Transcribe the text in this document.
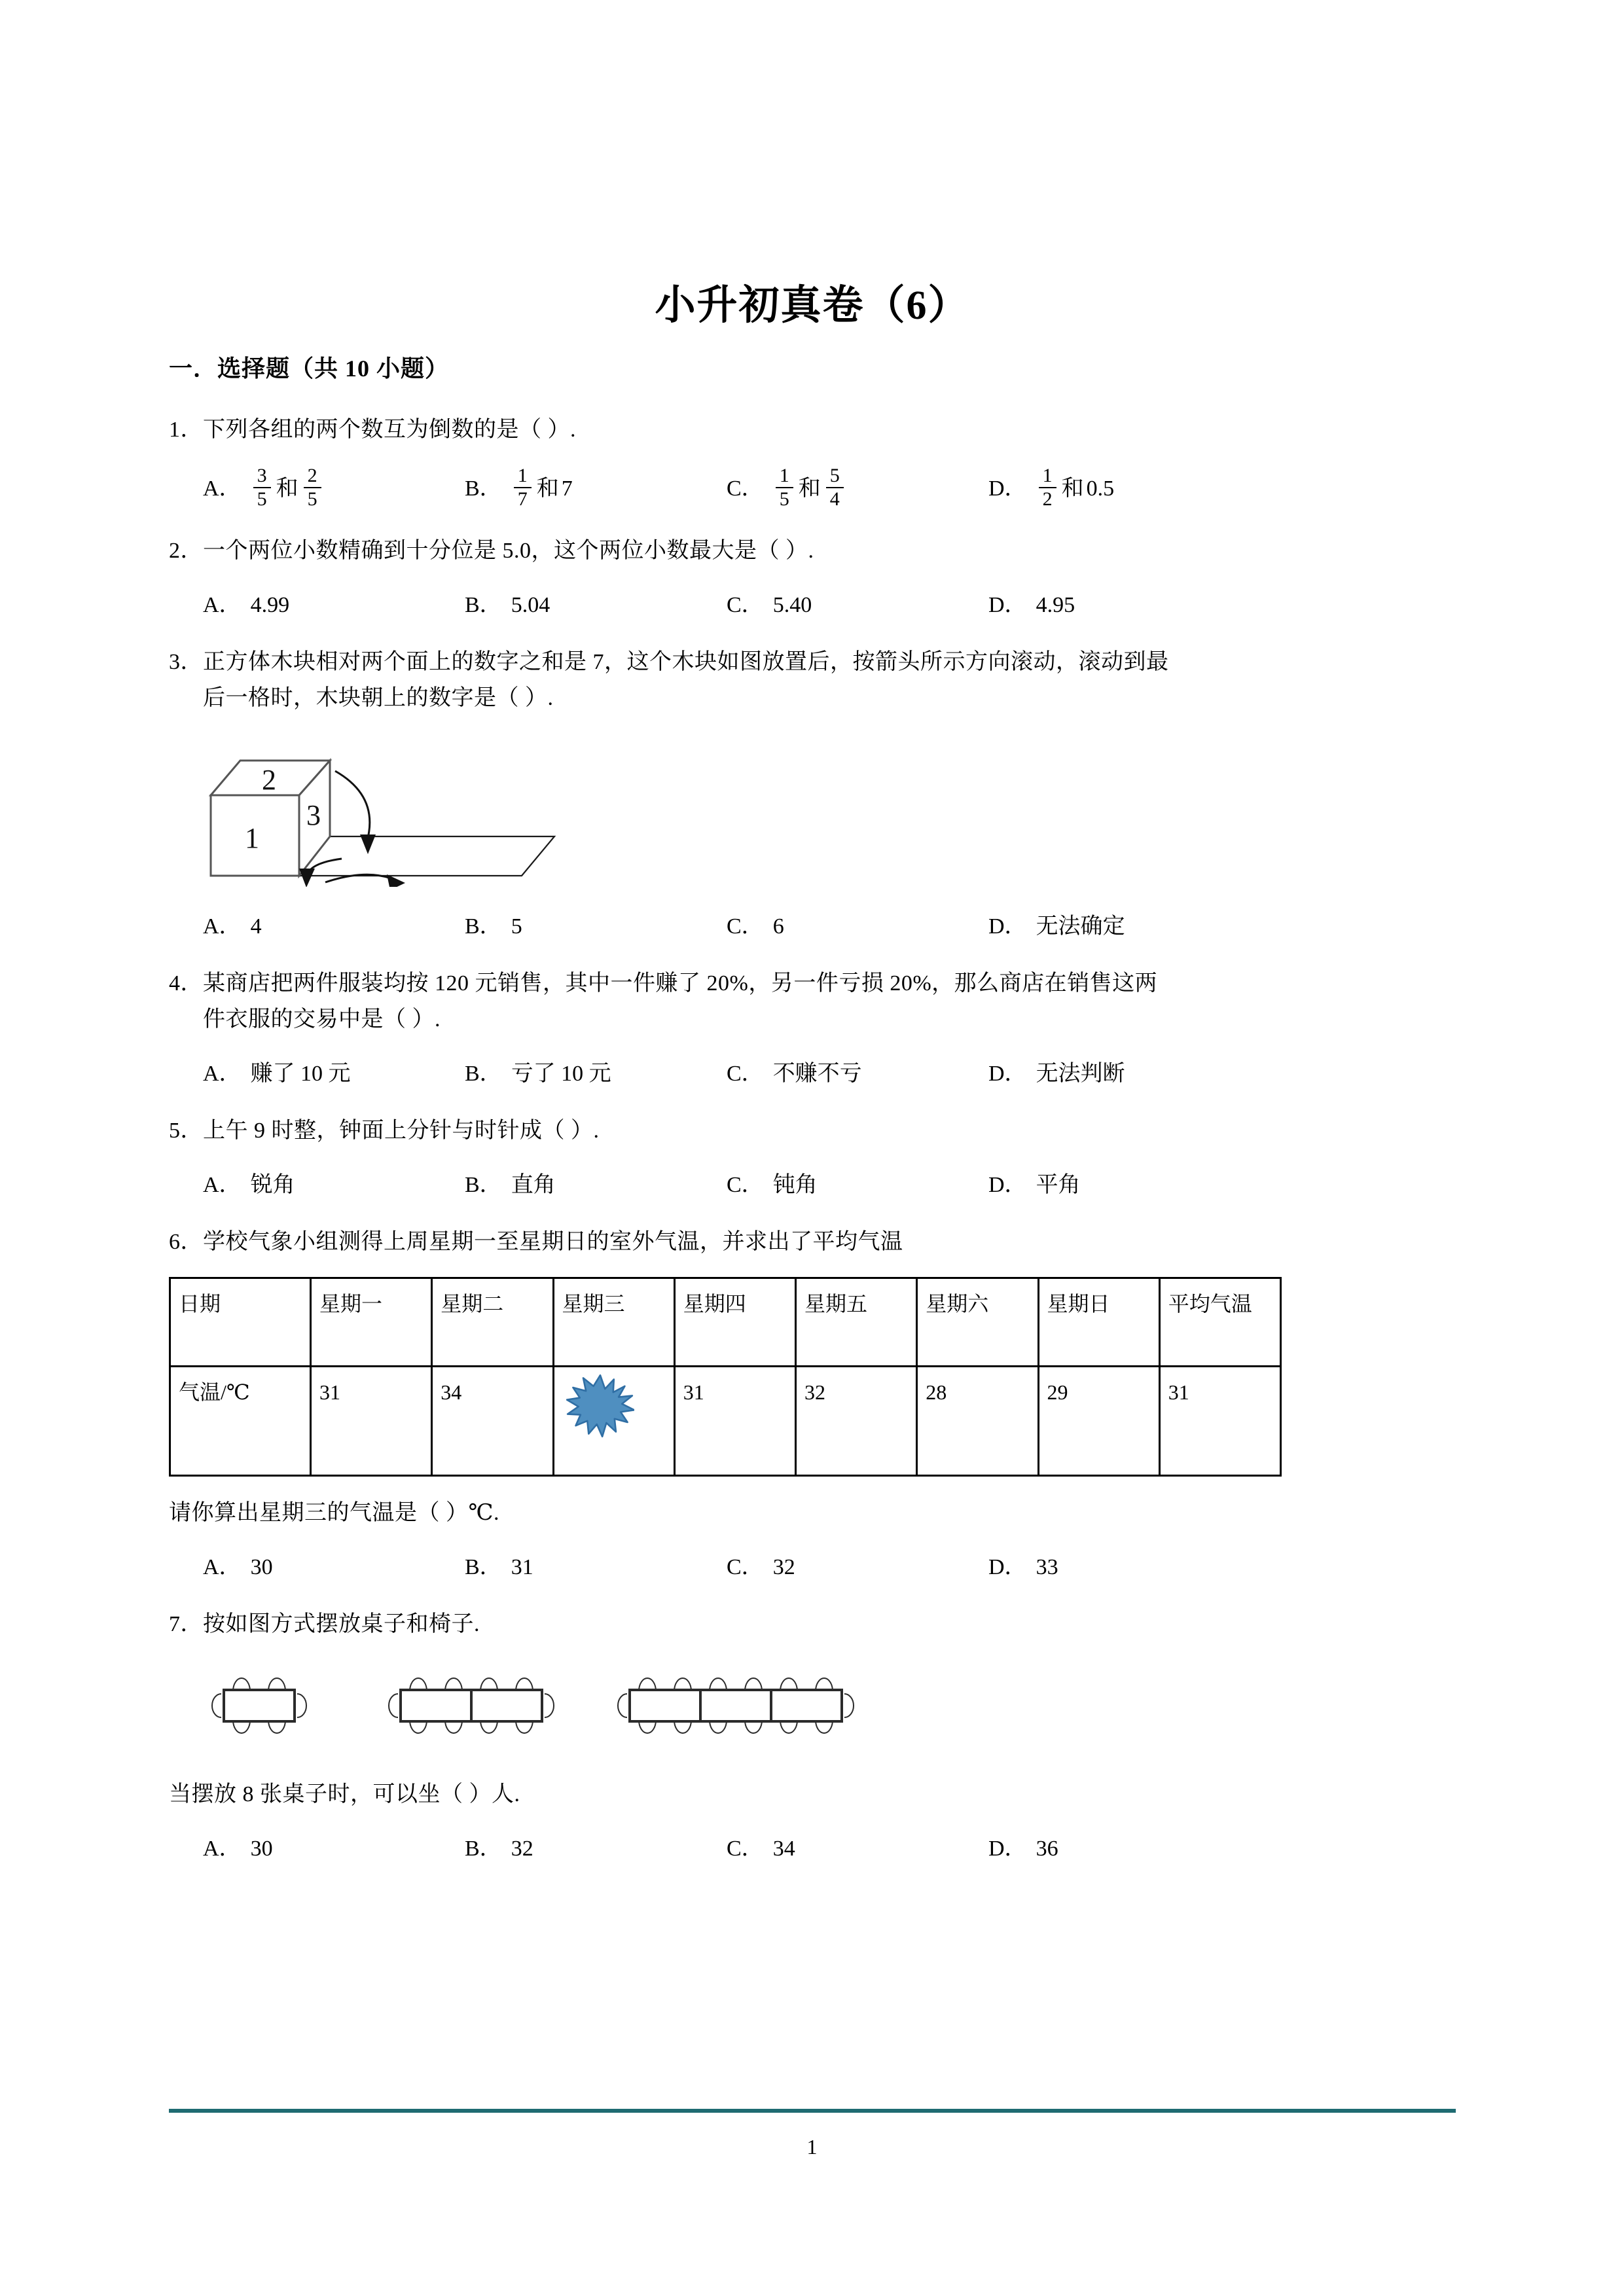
小升初真卷（6）
一．选择题（共 10 小题）
1．下列各组的两个数互为倒数的是（ ）.
A． $\frac{3}{5}$ 和 $\frac{2}{5}$	B． $\frac{1}{7}$ 和 7	C． $\frac{1}{5}$ 和 $\frac{5}{4}$	D． $\frac{1}{2}$ 和 0.5
2．一个两位小数精确到十分位是 5.0，这个两位小数最大是（ ）.
A． 4.99	B． 5.04	C． 5.40	D． 4.95
3．正方体木块相对两个面上的数字之和是 7，这个木块如图放置后，按箭头所示方向滚动，滚动到最
后一格时，木块朝上的数字是（ ）.
1
2
3
A． 4	B． 5	C． 6	D． 无法确定
4．某商店把两件服装均按 120 元销售，其中一件赚了 20%，另一件亏损 20%，那么商店在销售这两
件衣服的交易中是（ ）.
A． 赚了 10 元	B． 亏了 10 元	C． 不赚不亏	D． 无法判断
5．上午 9 时整，钟面上分针与时针成（ ）.
A． 锐角	B． 直角	C． 钝角	D． 平角
6．学校气象小组测得上周星期一至星期日的室外气温，并求出了平均气温
日期	星期一	星期二	星期三	星期四	星期五	星期六	星期日	平均气温
气温/℃	31	34		31	32	28	29	31
请你算出星期三的气温是（ ）℃.
A． 30	B． 31	C． 32	D． 33
7．按如图方式摆放桌子和椅子.
当摆放 8 张桌子时，可以坐（ ）人.
A． 30	B． 32	C． 34	D． 36
1
